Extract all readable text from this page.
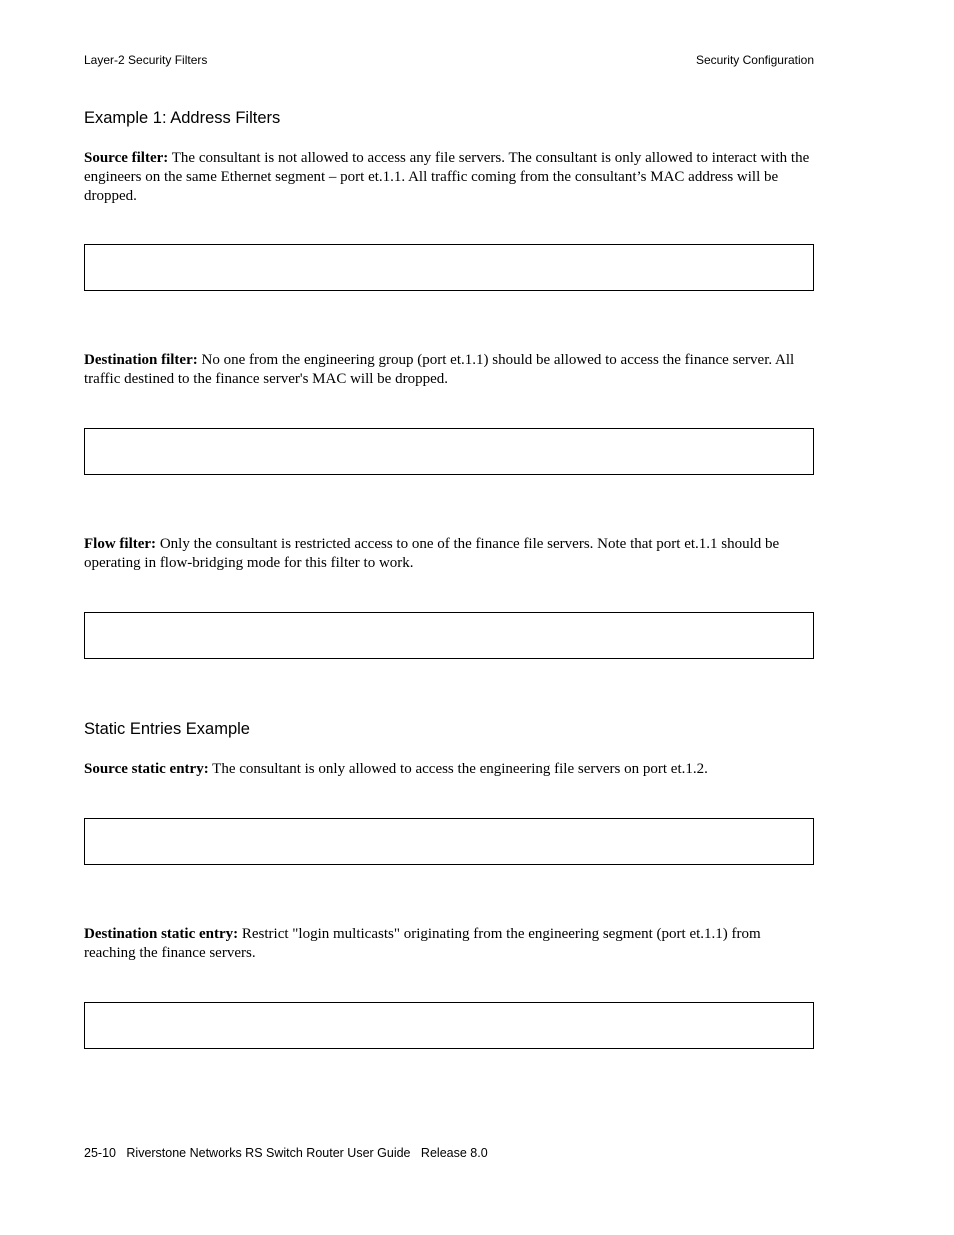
Layer-2 Security Filters	Security Configuration
Example 1: Address Filters
Source filter: The consultant is not allowed to access any file servers. The consultant is only allowed to interact with the engineers on the same Ethernet segment – port et.1.1. All traffic coming from the consultant’s MAC address will be dropped.
Destination filter: No one from the engineering group (port et.1.1) should be allowed to access the finance server. All traffic destined to the finance server's MAC will be dropped.
Flow filter: Only the consultant is restricted access to one of the finance file servers. Note that port et.1.1 should be operating in flow-bridging mode for this filter to work.
Static Entries Example
Source static entry: The consultant is only allowed to access the engineering file servers on port et.1.2.
Destination static entry: Restrict "login multicasts" originating from the engineering segment (port et.1.1) from reaching the finance servers.
25-10   Riverstone Networks RS Switch Router User Guide   Release 8.0
